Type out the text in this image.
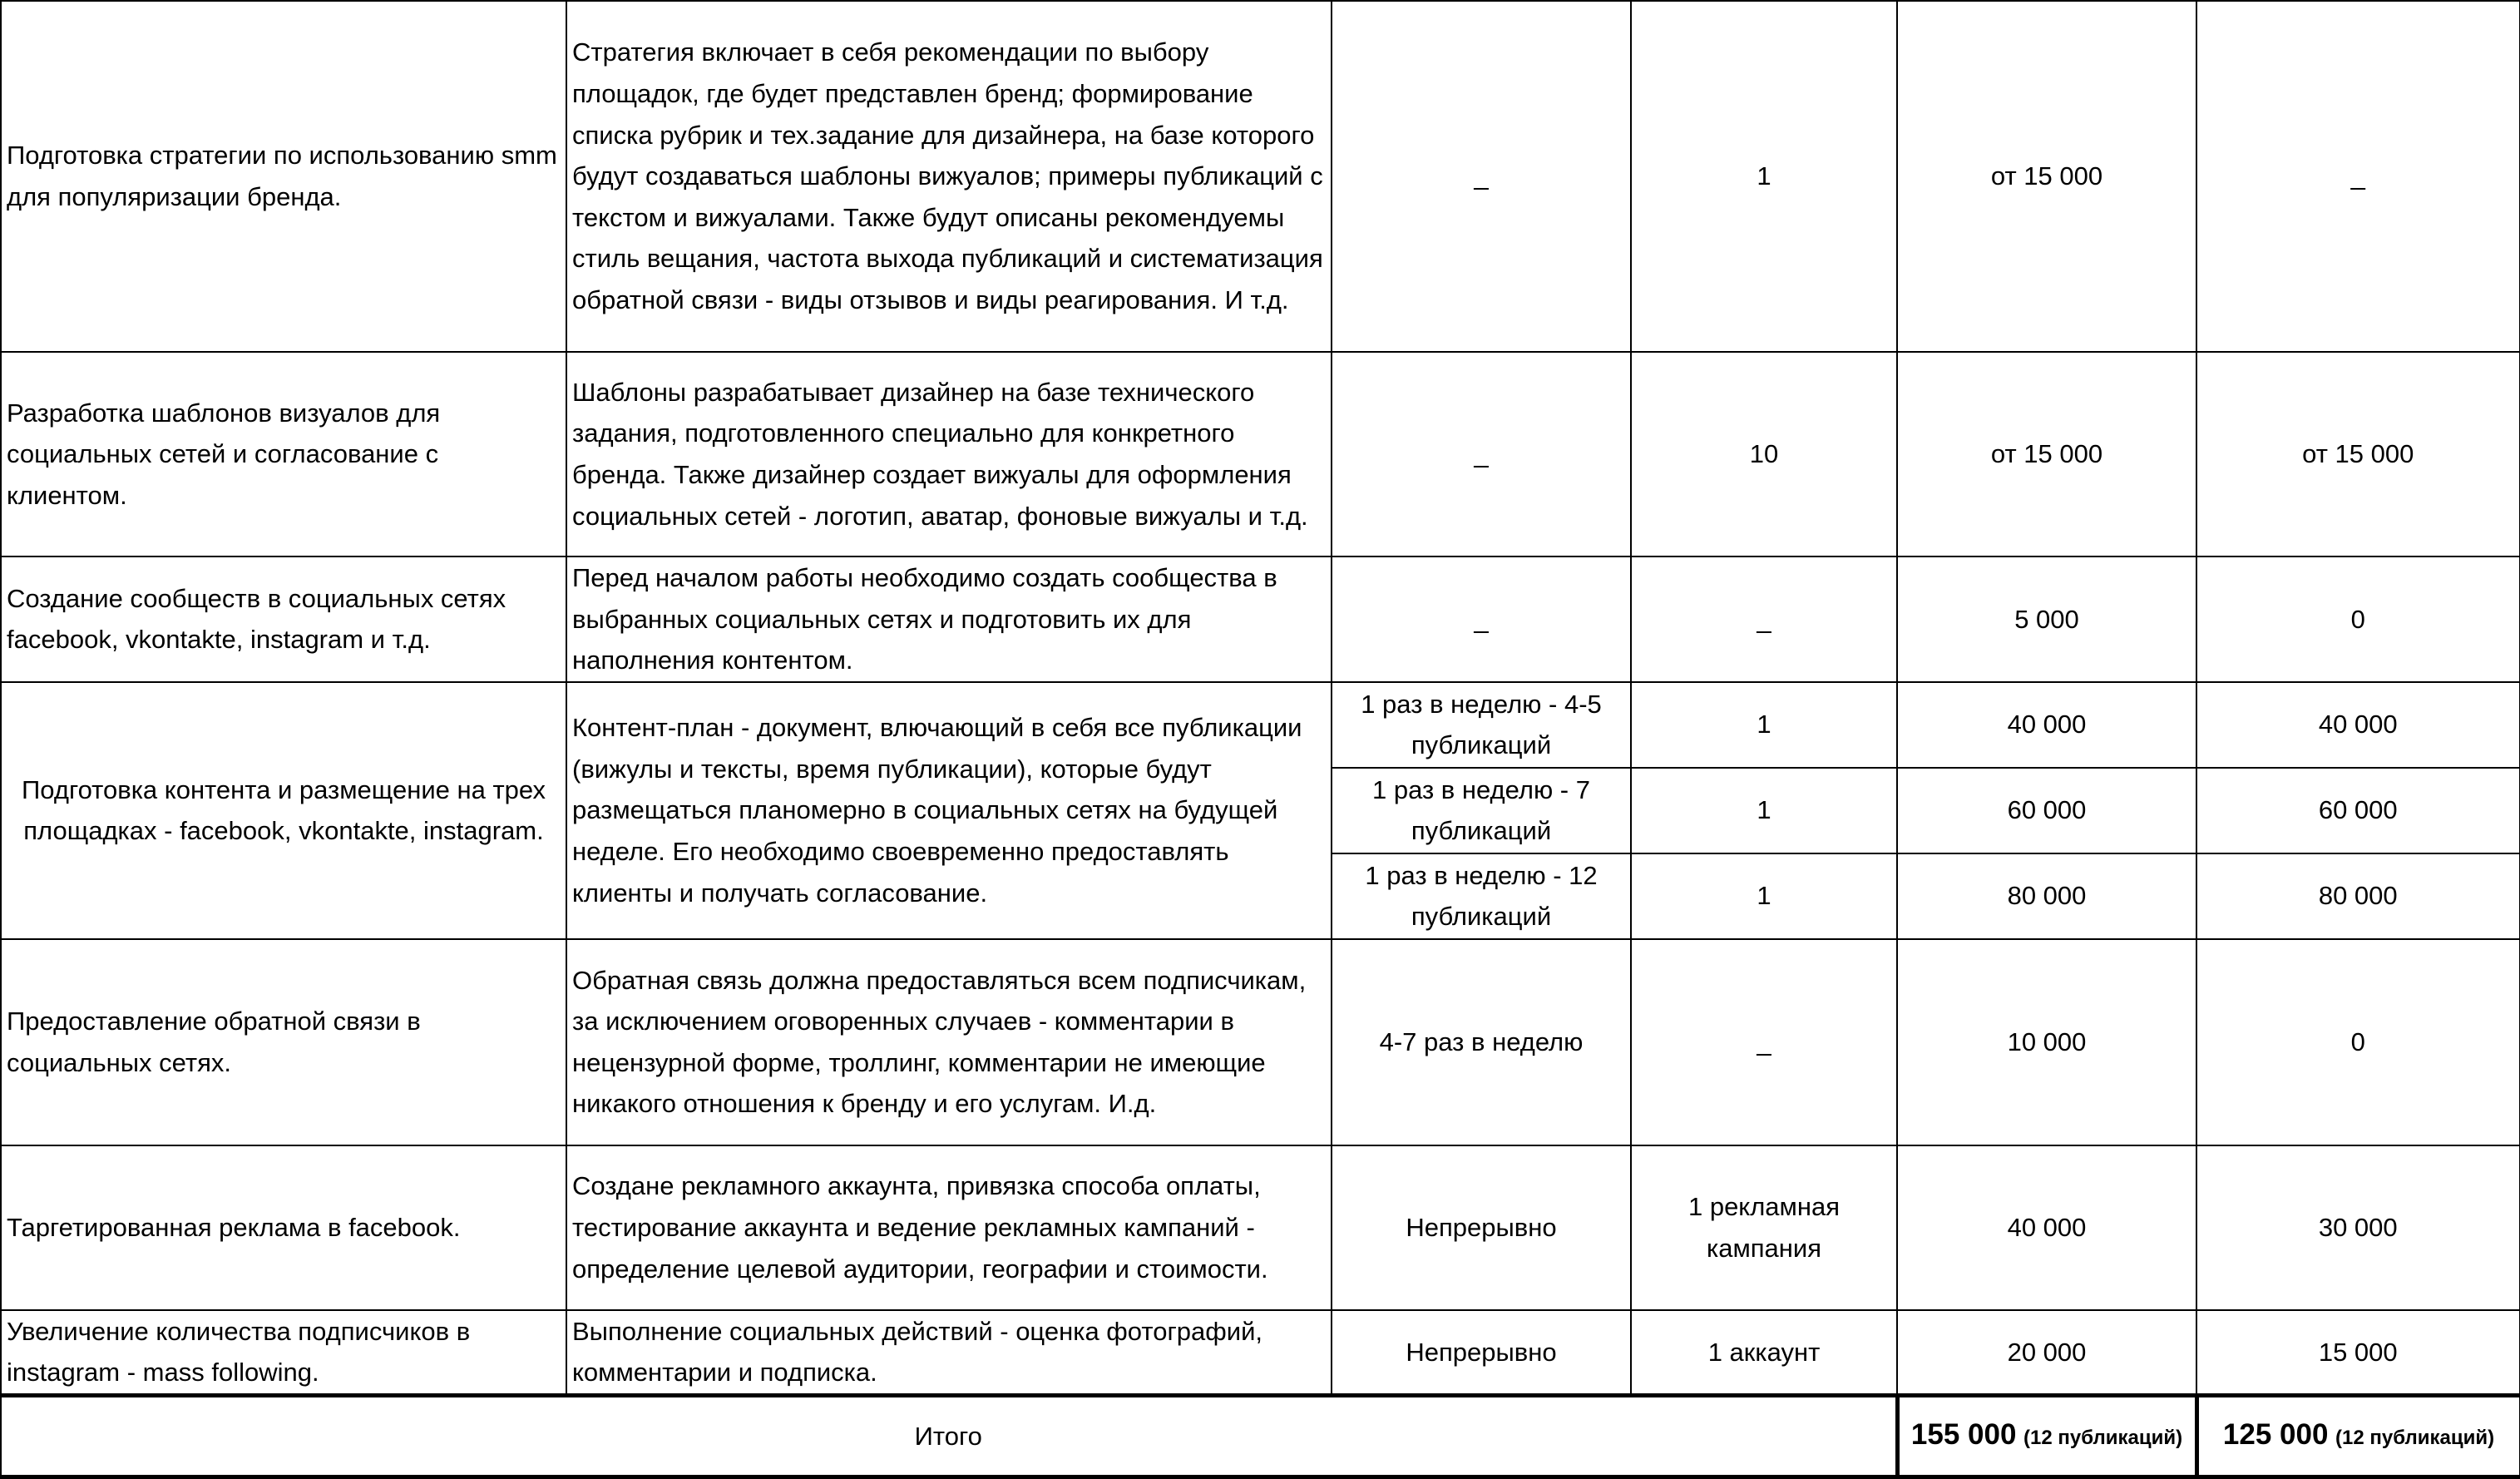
Подготовка стратегии по использованию smm для популяризации бренда.	Стратегия включает в себя рекомендации по выбору площадок, где будет представлен бренд; формирование списка рубрик и тех.задание для дизайнера, на базе которого будут создаваться шаблоны вижуалов; примеры публикаций с текстом и вижуалами. Также будут описаны рекомендуемы стиль вещания, частота выхода публикаций и систематизация обратной связи - виды отзывов и виды реагирования. И т.д.	_	1	от 15 000	_
Разработка шаблонов визуалов для социальных сетей и согласование с клиентом.	Шаблоны разрабатывает дизайнер на базе технического задания, подготовленного специально для конкретного бренда. Также дизайнер создает вижуалы для оформления социальных сетей - логотип, аватар, фоновые вижуалы и т.д.	_	10	от 15 000	от 15 000
Создание сообществ в социальных сетях facebook, vkontakte, instagram и т.д.	Перед началом работы необходимо создать сообщества в выбранных социальных сетях и подготовить их для наполнения контентом.	_	_	5 000	0
Подготовка контента и размещение на трех площадках - facebook, vkontakte, instagram.	Контент-план - документ, влючающий в себя все публикации (вижулы и тексты, время публикации), которые будут размещаться планомерно в социальных сетях на будущей неделе. Его необходимо своевременно предоставлять клиенты и получать согласование.	1 раз в неделю - 4-5 публикаций	1	40 000	40 000
		1 раз в неделю - 7 публикаций	1	60 000	60 000
		1 раз в неделю - 12 публикаций	1	80 000	80 000
Предоставление обратной связи в социальных сетях.	Обратная связь должна предоставляться всем подписчикам, за исключением оговоренных случаев - комментарии в нецензурной форме, троллинг, комментарии не имеющие никакого отношения к бренду и его услугам. И.д.	4-7 раз в неделю	_	10 000	0
Таргетированная реклама в facebook.	Создане рекламного аккаунта, привязка способа оплаты, тестирование аккаунта и ведение рекламных кампаний - определение целевой аудитории, географии и стоимости.	Непрерывно	1 рекламная кампания	40 000	30 000
Увеличение количества подписчиков в instagram - mass following.	Выполнение социальных действий - оценка фотографий, комментарии и подписка.	Непрерывно	1 аккаунт	20 000	15 000
Итого				155 000 (12 публикаций)	125 000 (12 публикаций)
